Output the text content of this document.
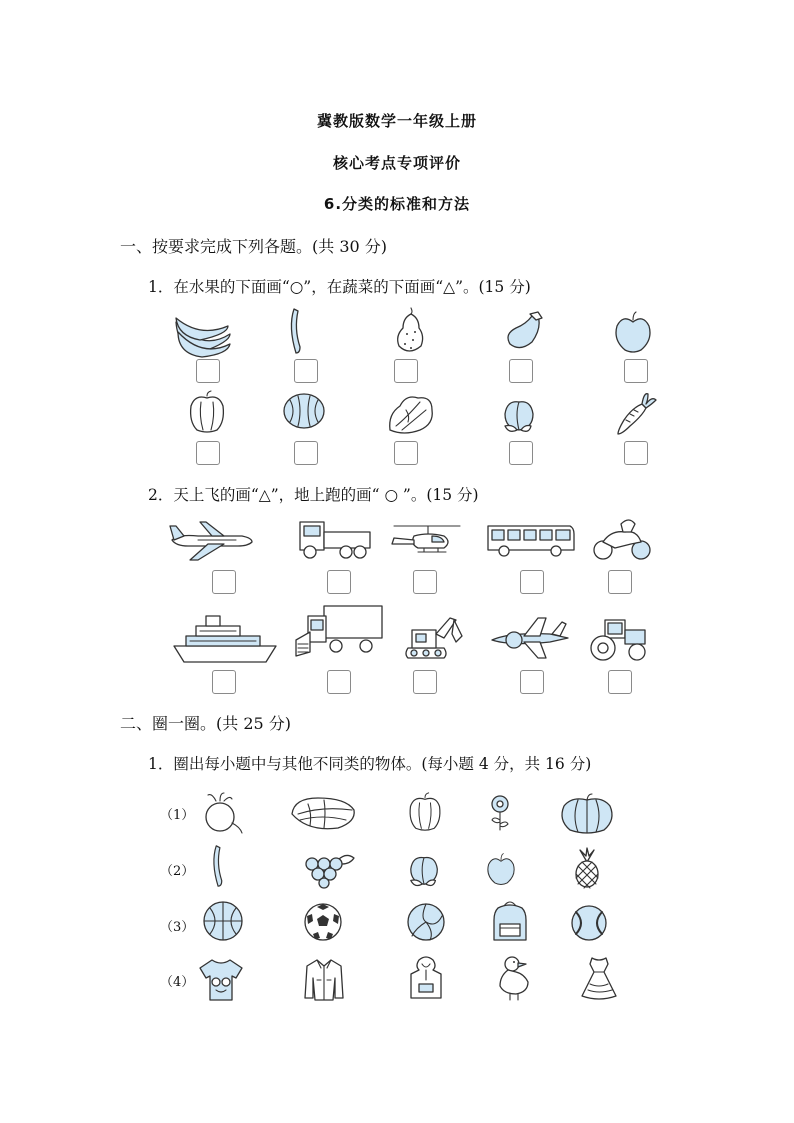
冀教版数学一年级上册
核心考点专项评价
6.分类的标准和方法
一、按要求完成下列各题。(共 30 分)
1．在水果的下面画“○”，在蔬菜的下面画“△”。(15 分)
2．天上飞的画“△”，地上跑的画“ ○ ”。(15 分)
二、圈一圈。(共 25 分)
1．圈出每小题中与其他不同类的物体。(每小题 4 分，共 16 分)
（1）
（2）
（3）
（4）
